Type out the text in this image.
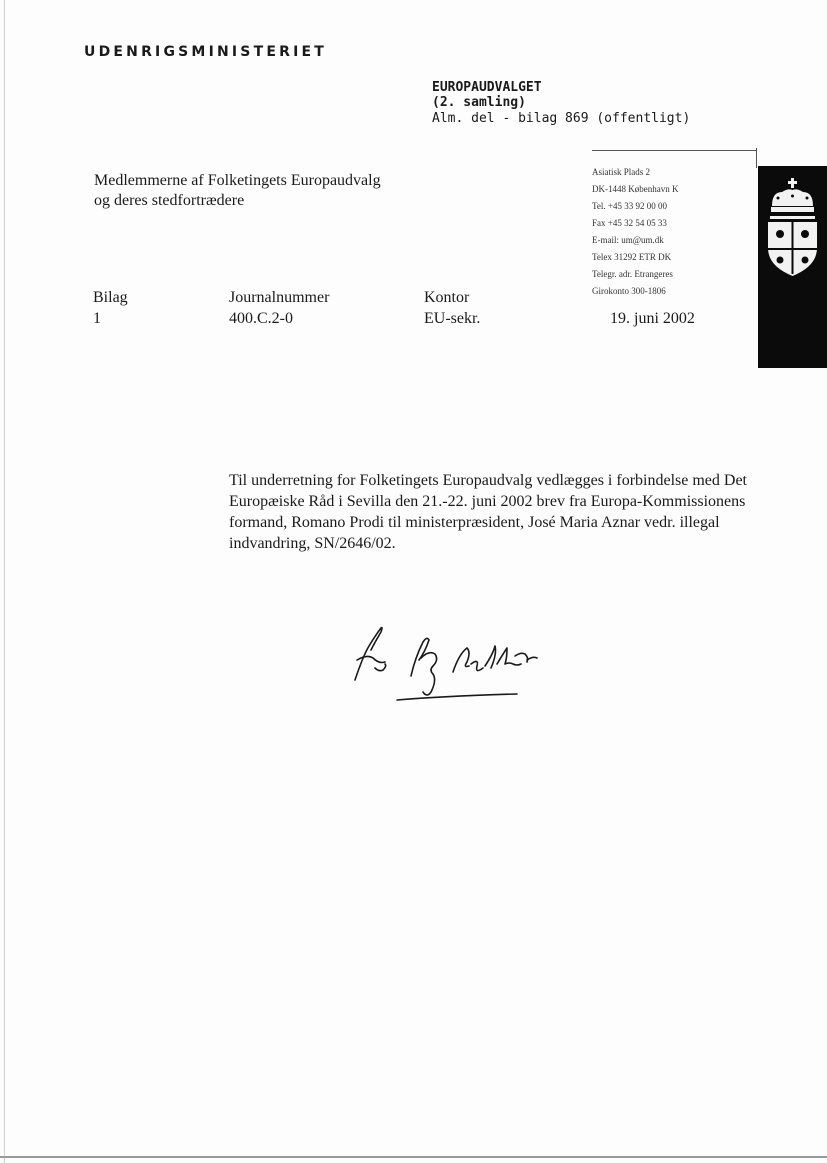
UDENRIGSMINISTERIET
EUROPAUDVALGET
(2. samling)
Alm. del - bilag 869 (offentligt)
Medlemmerne af Folketingets Europaudvalg
og deres stedfortrædere
Asiatisk Plads 2
DK-1448 København K
Tel. +45 33 92 00 00
Fax +45 32 54 05 33
E-mail: um@um.dk
Telex 31292 ETR DK
Telegr. adr. Etrangeres
Girokonto 300-1806
Bilag
1
Journalnummer
400.C.2-0
Kontor
EU-sekr.	19. juni 2002
Til underretning for Folketingets Europaudvalg vedlægges i forbindelse med Det Europæiske Råd i Sevilla den 21.-22. juni 2002 brev fra Europa-Kommissionens formand, Romano Prodi til ministerpræsident, José Maria Aznar vedr. illegal indvandring, SN/2646/02.
